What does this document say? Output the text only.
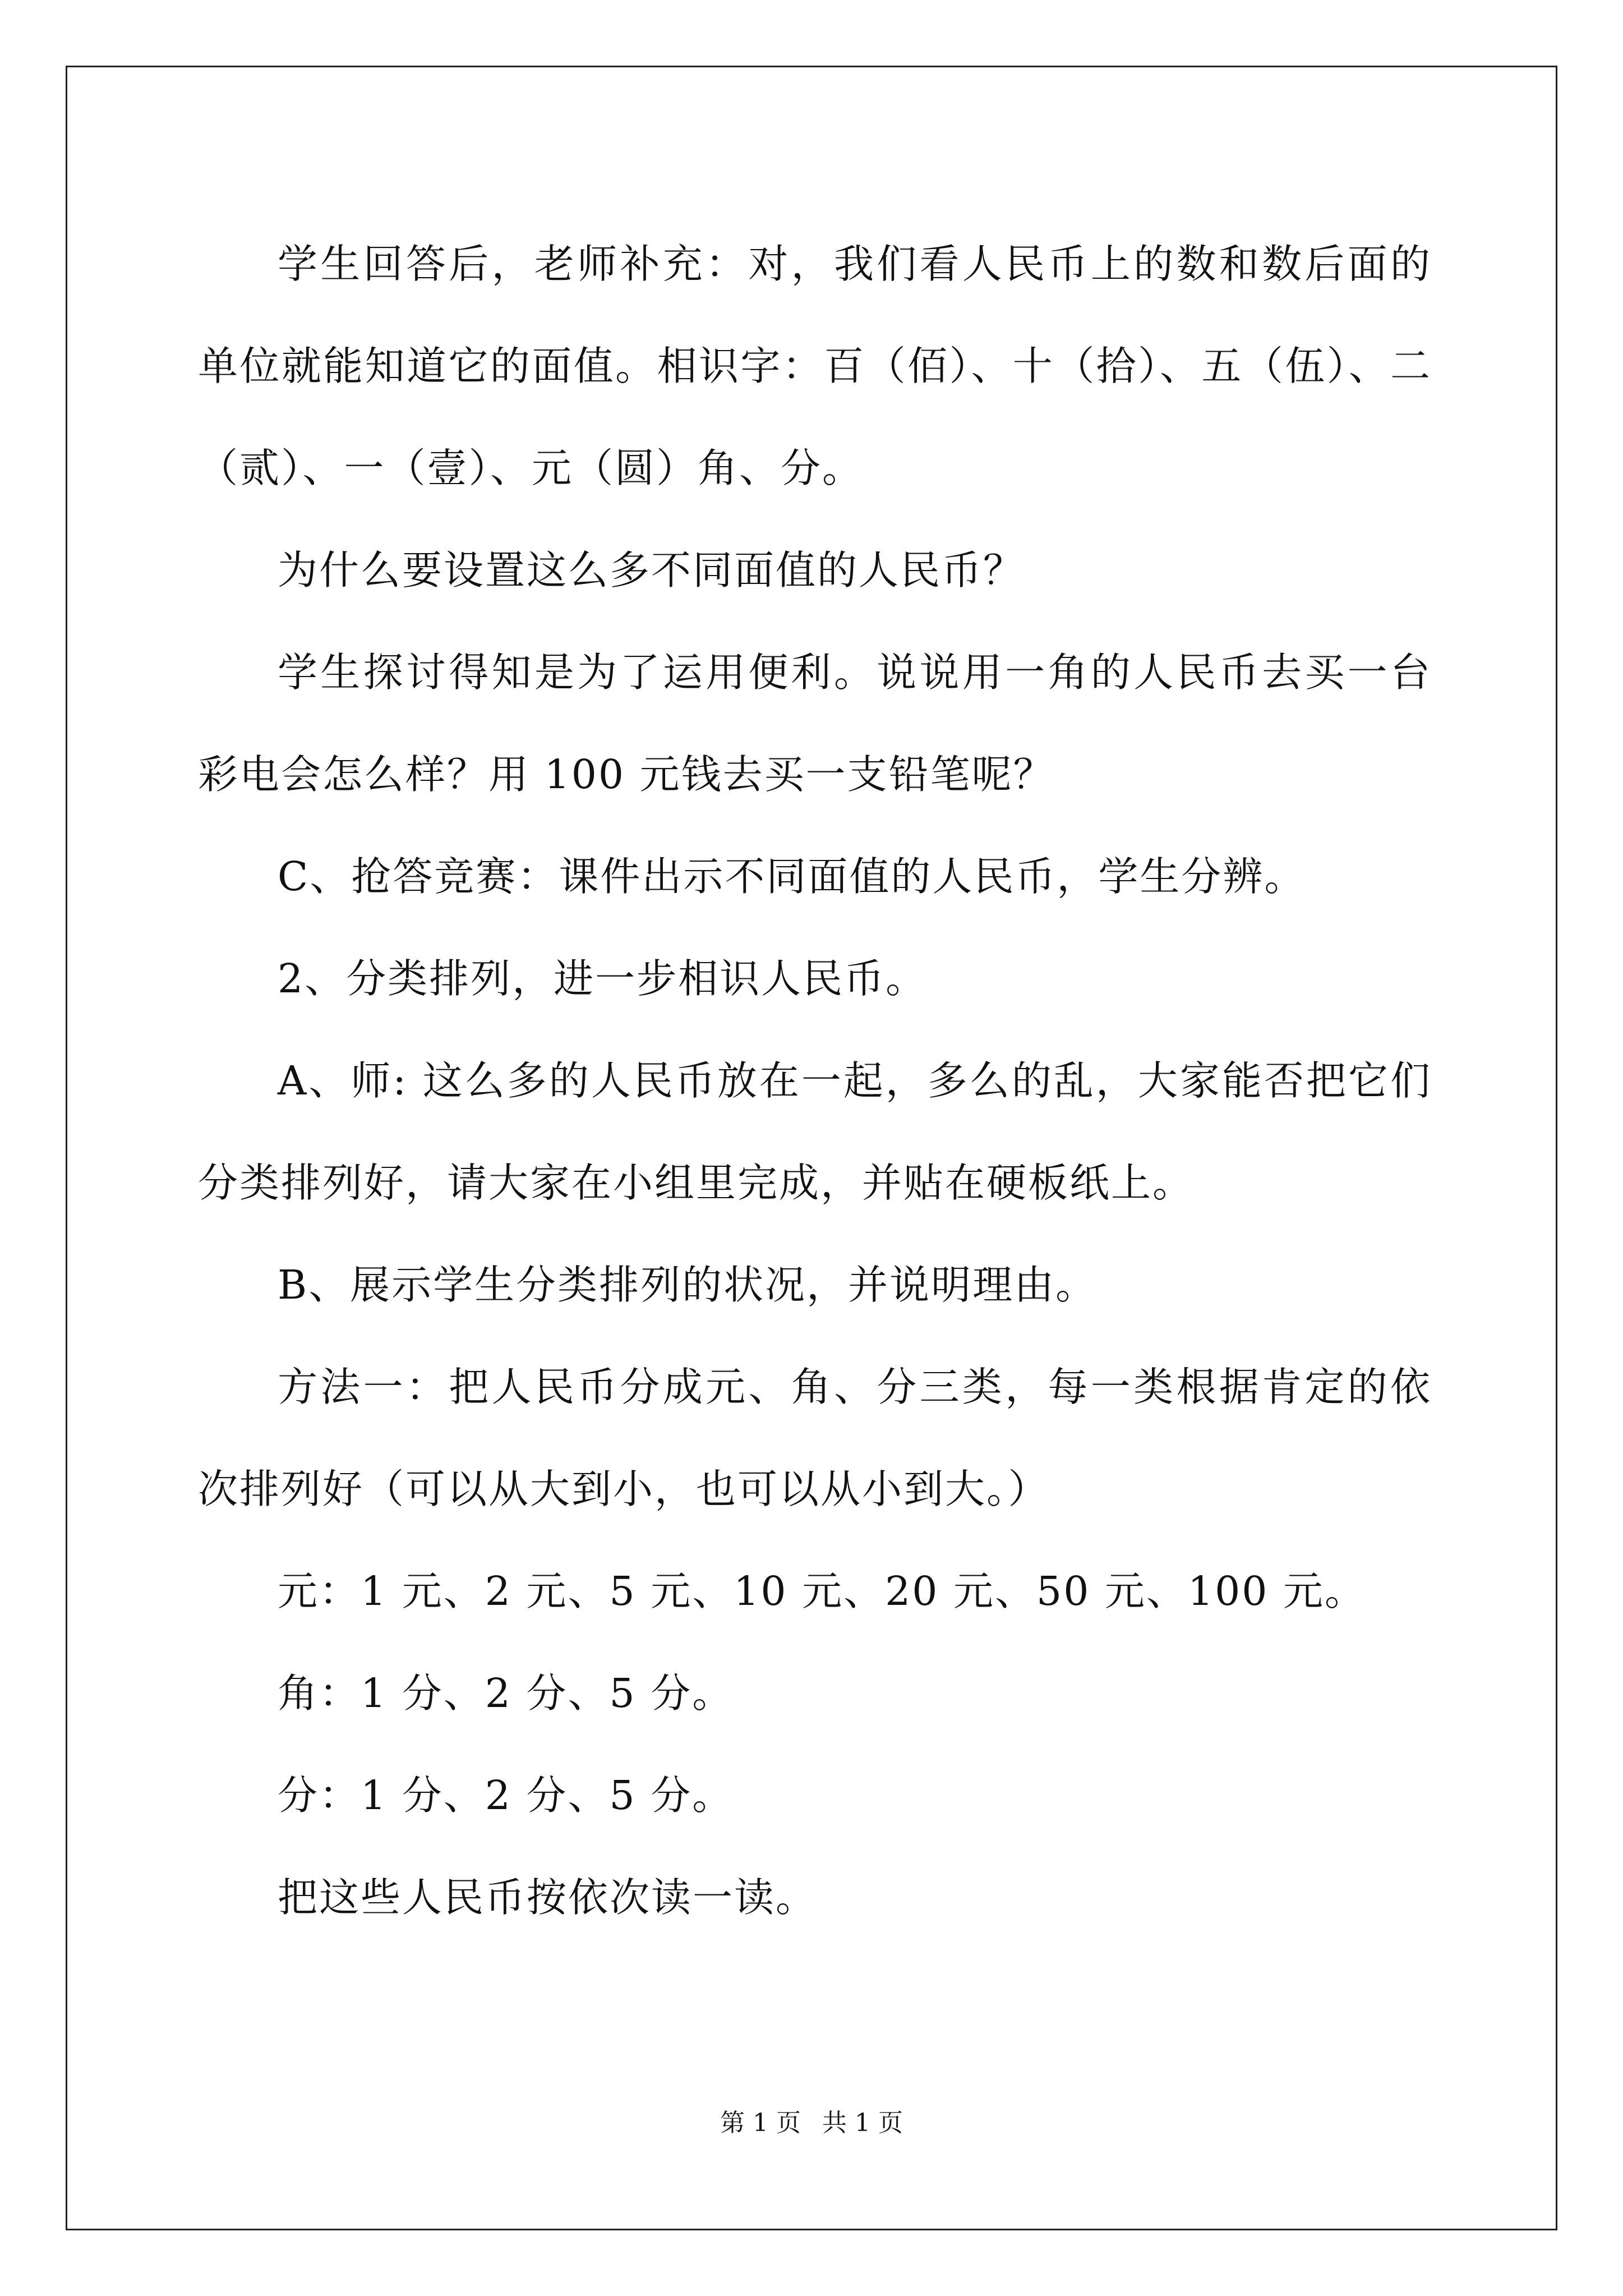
学生回答后，老师补充：对，我们看人民币上的数和数后面的单位就能知道它的面值。相识字：百（佰）、十（拾）、五（伍）、二（贰）、一（壹）、元（圆）角、分。

为什么要设置这么多不同面值的人民币？

学生探讨得知是为了运用便利。说说用一角的人民币去买一台彩电会怎么样？用 100 元钱去买一支铅笔呢？

C、抢答竞赛：课件出示不同面值的人民币，学生分辨。

2、分类排列，进一步相识人民币。

A、师: 这么多的人民币放在一起，多么的乱，大家能否把它们分类排列好，请大家在小组里完成，并贴在硬板纸上。

B、展示学生分类排列的状况，并说明理由。

方法一：把人民币分成元、角、分三类，每一类根据肯定的依次排列好（可以从大到小，也可以从小到大。）

元：1 元、2 元、5 元、10 元、20 元、50 元、100 元。

角：1 分、2 分、5 分。

分：1 分、2 分、5 分。

把这些人民币按依次读一读。

第 1 页 共 1 页
